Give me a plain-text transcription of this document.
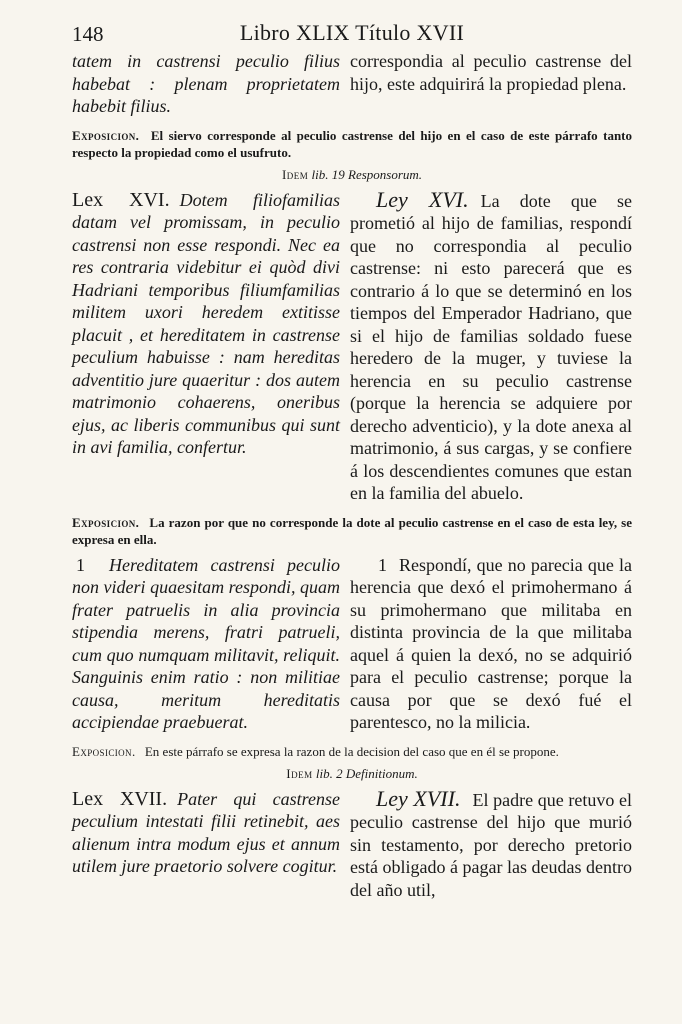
148	Libro XLIX Título XVII

tatem in castrensi peculio filius habebat : plenam proprietatem habebit filius.

correspondia al peculio castrense del hijo, este adquirirá la propiedad plena.

Exposicion. El siervo corresponde al peculio castrense del hijo en el caso de este párrafo tanto respecto la propiedad como el usufruto.
Idem lib. 19 Responsorum.

Lex XVI. Dotem filiofamilias datam vel promissam, in peculio castrensi non esse respondi. Nec ea res contraria videbitur ei quòd divi Hadriani temporibus filiumfamilias militem uxori heredem extitisse placuit , et hereditatem in castrense peculium habuisse : nam hereditas adventitio jure quaeritur : dos autem matrimonio cohaerens, oneribus ejus, ac liberis communibus qui sunt in avi familia, confertur.

Ley XVI. La dote que se prometió al hijo de familias, respondí que no correspondia al peculio castrense: ni esto parecerá que es contrario á lo que se determinó en los tiempos del Emperador Hadriano, que si el hijo de familias soldado fuese heredero de la muger, y tuviese la herencia en su peculio castrense (porque la herencia se adquiere por derecho adventicio), y la dote anexa al matrimonio, á sus cargas, y se confiere á los descendientes comunes que estan en la familia del abuelo.

Exposicion. La razon por que no corresponde la dote al peculio castrense en el caso de esta ley, se expresa en ella.

1 Hereditatem castrensi peculio non videri quaesitam respondi, quam frater patruelis in alia provincia stipendia merens, fratri patrueli, cum quo numquam militavit, reliquit. Sanguinis enim ratio : non militiae causa, meritum hereditatis accipiendae praebuerat.

1 Respondí, que no parecia que la herencia que dexó el primohermano á su primohermano que militaba en distinta provincia de la que militaba aquel á quien la dexó, no se adquirió para el peculio castrense; porque la causa por que se dexó fué el parentesco, no la milicia.

Exposicion. En este párrafo se expresa la razon de la decision del caso que en él se propone.
Idem lib. 2 Definitionum.

Lex XVII. Pater qui castrense peculium intestati filii retinebit, aes alienum intra modum ejus et annum utilem jure praetorio solvere cogitur.

Ley XVII. El padre que retuvo el peculio castrense del hijo que murió sin testamento, por derecho pretorio está obligado á pagar las deudas dentro del año util,
